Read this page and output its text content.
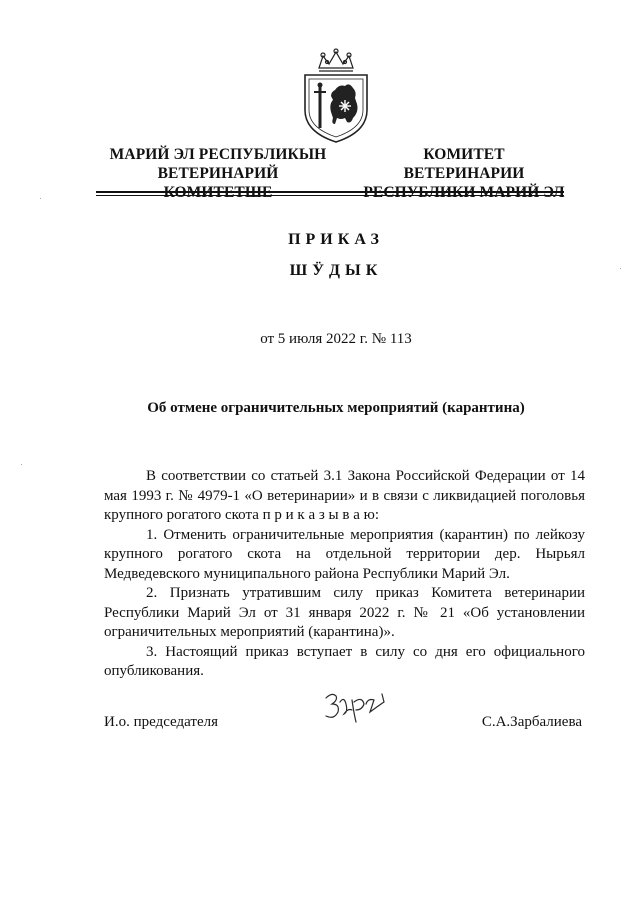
МАРИЙ ЭЛ РЕСПУБЛИКЫН
ВЕТЕРИНАРИЙ
КОМИТЕТ ВЕТЕРИНАРИИ
ПРИКАЗ
ШӰДЫК
от 5 июля 2022 г. № 113
Об отмене ограничительных мероприятий (карантина)

В соответствии со статьей 3.1 Закона Российской Федерации от 14 мая 1993 г. № 4979-1 «О ветеринарии» и в связи с ликвидацией поголовья крупного рогатого скота п р и к а з ы в а ю:

1. Отменить ограничительные мероприятия (карантин) по лейкозу крупного рогатого скота на отдельной территории дер. Нырьял Медведевского муниципального района Республики Марий Эл.

2. Признать утратившим силу приказ Комитета ветеринарии Республики Марий Эл от 31 января 2022 г. № 21 «Об установлении ограничительных мероприятий (карантина)».

3. Настоящий приказ вступает в силу со дня его официального опубликования.

И.о. председателя	С.А.Зарбалиева
